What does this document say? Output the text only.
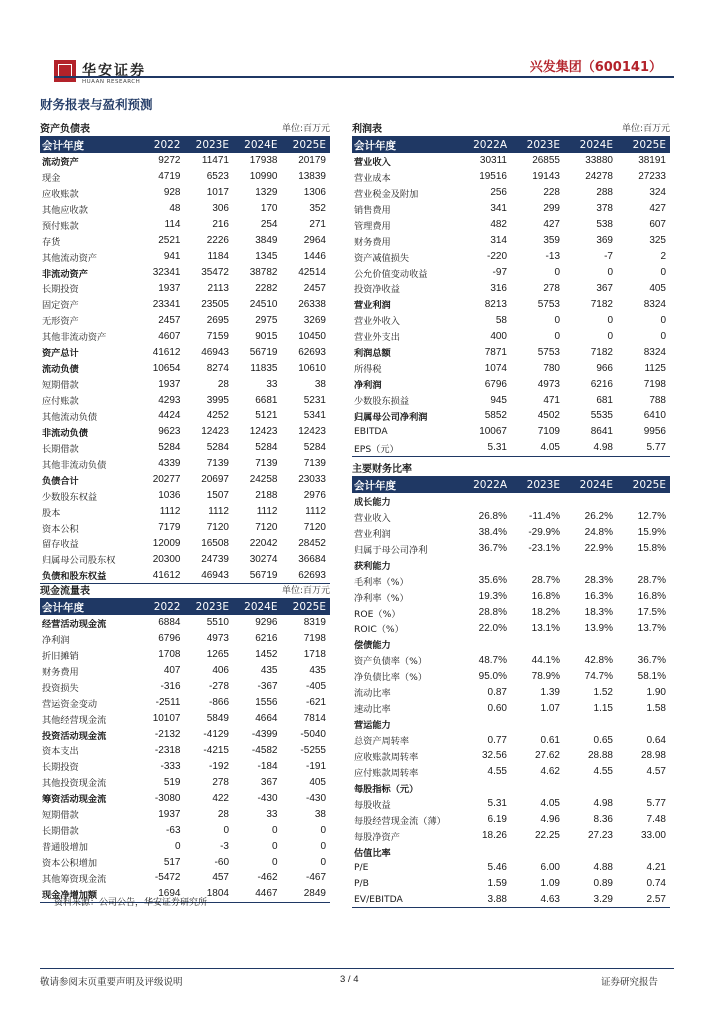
华安证券
HUAAN RESEARCH
兴发集团（600141）
财务报表与盈利预测
资产负债表	单位:百万元
会计年度	2022	2023E	2024E	2025E
流动资产	9272	11471	17938	20179
现金	4719	6523	10990	13839
应收账款	928	1017	1329	1306
其他应收款	48	306	170	352
预付账款	114	216	254	271
存货	2521	2226	3849	2964
其他流动资产	941	1184	1345	1446
非流动资产	32341	35472	38782	42514
长期投资	1937	2113	2282	2457
固定资产	23341	23505	24510	26338
无形资产	2457	2695	2975	3269
其他非流动资产	4607	7159	9015	10450
资产总计	41612	46943	56719	62693
流动负债	10654	8274	11835	10610
短期借款	1937	28	33	38
应付账款	4293	3995	6681	5231
其他流动负债	4424	4252	5121	5341
非流动负债	9623	12423	12423	12423
长期借款	5284	5284	5284	5284
其他非流动负债	4339	7139	7139	7139
负债合计	20277	20697	24258	23033
少数股东权益	1036	1507	2188	2976
股本	1112	1112	1112	1112
资本公积	7179	7120	7120	7120
留存收益	12009	16508	22042	28452
归属母公司股东权	20300	24739	30274	36684
负债和股东权益	41612	46943	56719	62693
现金流量表	单位:百万元
会计年度	2022	2023E	2024E	2025E
经营活动现金流	6884	5510	9296	8319
净利润	6796	4973	6216	7198
折旧摊销	1708	1265	1452	1718
财务费用	407	406	435	435
投资损失	-316	-278	-367	-405
营运资金变动	-2511	-866	1556	-621
其他经营现金流	10107	5849	4664	7814
投资活动现金流	-2132	-4129	-4399	-5040
资本支出	-2318	-4215	-4582	-5255
长期投资	-333	-192	-184	-191
其他投资现金流	519	278	367	405
筹资活动现金流	-3080	422	-430	-430
短期借款	1937	28	33	38
长期借款	-63	0	0	0
普通股增加	0	-3	0	0
资本公积增加	517	-60	0	0
其他筹资现金流	-5472	457	-462	-467
现金净增加额	1694	1804	4467	2849
利润表	单位:百万元
会计年度	2022A	2023E	2024E	2025E
营业收入	30311	26855	33880	38191
营业成本	19516	19143	24278	27233
营业税金及附加	256	228	288	324
销售费用	341	299	378	427
管理费用	482	427	538	607
财务费用	314	359	369	325
资产减值损失	-220	-13	-7	2
公允价值变动收益	-97	0	0	0
投资净收益	316	278	367	405
营业利润	8213	5753	7182	8324
营业外收入	58	0	0	0
营业外支出	400	0	0	0
利润总额	7871	5753	7182	8324
所得税	1074	780	966	1125
净利润	6796	4973	6216	7198
少数股东损益	945	471	681	788
归属母公司净利润	5852	4502	5535	6410
EBITDA	10067	7109	8641	9956
EPS（元）	5.31	4.05	4.98	5.77
主要财务比率
会计年度	2022A	2023E	2024E	2025E
成长能力				
营业收入	26.8%	-11.4%	26.2%	12.7%
营业利润	38.4%	-29.9%	24.8%	15.9%
归属于母公司净利	36.7%	-23.1%	22.9%	15.8%
获利能力				
毛利率（%）	35.6%	28.7%	28.3%	28.7%
净利率（%）	19.3%	16.8%	16.3%	16.8%
ROE（%）	28.8%	18.2%	18.3%	17.5%
ROIC（%）	22.0%	13.1%	13.9%	13.7%
偿债能力				
资产负债率（%）	48.7%	44.1%	42.8%	36.7%
净负债比率（%）	95.0%	78.9%	74.7%	58.1%
流动比率	0.87	1.39	1.52	1.90
速动比率	0.60	1.07	1.15	1.58
营运能力				
总资产周转率	0.77	0.61	0.65	0.64
应收账款周转率	32.56	27.62	28.88	28.98
应付账款周转率	4.55	4.62	4.55	4.57
每股指标（元）				
每股收益	5.31	4.05	4.98	5.77
每股经营现金流（薄）	6.19	4.96	8.36	7.48
每股净资产	18.26	22.25	27.23	33.00
估值比率				
P/E	5.46	6.00	4.88	4.21
P/B	1.59	1.09	0.89	0.74
EV/EBITDA	3.88	4.63	3.29	2.57
资料来源：公司公告，华安证券研究所
敬请参阅末页重要声明及评级说明	3 / 4	证券研究报告
